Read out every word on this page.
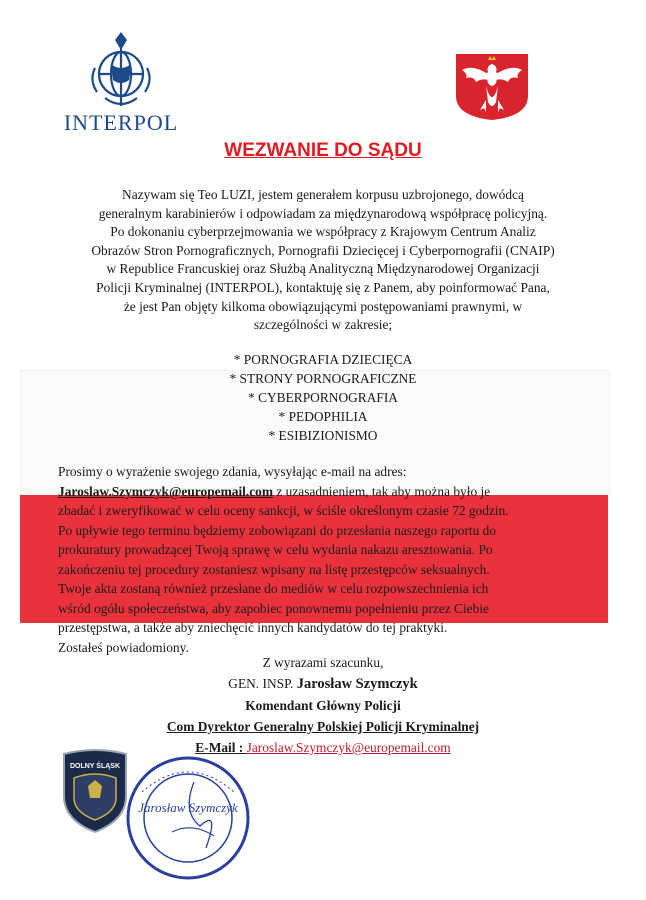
INTERPOL
WEZWANIE DO SĄDU

Nazywam się Teo LUZI, jestem generałem korpusu uzbrojonego, dowódcą

generalnym karabinierów i odpowiadam za międzynarodową współpracę policyjną.

Po dokonaniu cyberprzejmowania we współpracy z Krajowym Centrum Analiz

Obrazów Stron Pornograficznych, Pornografii Dziecięcej i Cyberpornografii (CNAIP)

w Republice Francuskiej oraz Służbą Analityczną Międzynarodowej Organizacji

Policji Kryminalnej (INTERPOL), kontaktuję się z Panem, aby poinformować Pana,

że jest Pan objęty kilkoma obowiązującymi postępowaniami prawnymi, w

szczególności w zakresie;

* PORNOGRAFIA DZIECIĘCA
* STRONY PORNOGRAFICZNE
* CYBERPORNOGRAFIA
* PEDOPHILIA
* ESIBIZIONISMO

Prosimy o wyrażenie swojego zdania, wysyłając e-mail na adres:

Jaroslaw.Szymczyk@europemail.com z uzasadnieniem, tak aby można było je

zbadać i zweryfikować w celu oceny sankcji, w ściśle określonym czasie 72 godzin.

Po upływie tego terminu będziemy zobowiązani do przesłania naszego raportu do

prokuratury prowadzącej Twoją sprawę w celu wydania nakazu aresztowania. Po

zakończeniu tej procedury zostaniesz wpisany na listę przestępców seksualnych.

Twoje akta zostaną również przesłane do mediów w celu rozpowszechnienia ich

wśród ogółu społeczeństwa, aby zapobiec ponownemu popełnieniu przez Ciebie

przestępstwa, a także aby zniechęcić innych kandydatów do tej praktyki.

Zostałeś powiadomiony.

Z wyrazami szacunku,
GEN. INSP. Jarosław Szymczyk
Komendant Główny Policji
Com Dyrektor Generalny Polskiej Policji Kryminalnej
E-Mail : Jaroslaw.Szymczyk@europemail.com
DOLNY ŚLĄSK
Jarosław Szymczyk
